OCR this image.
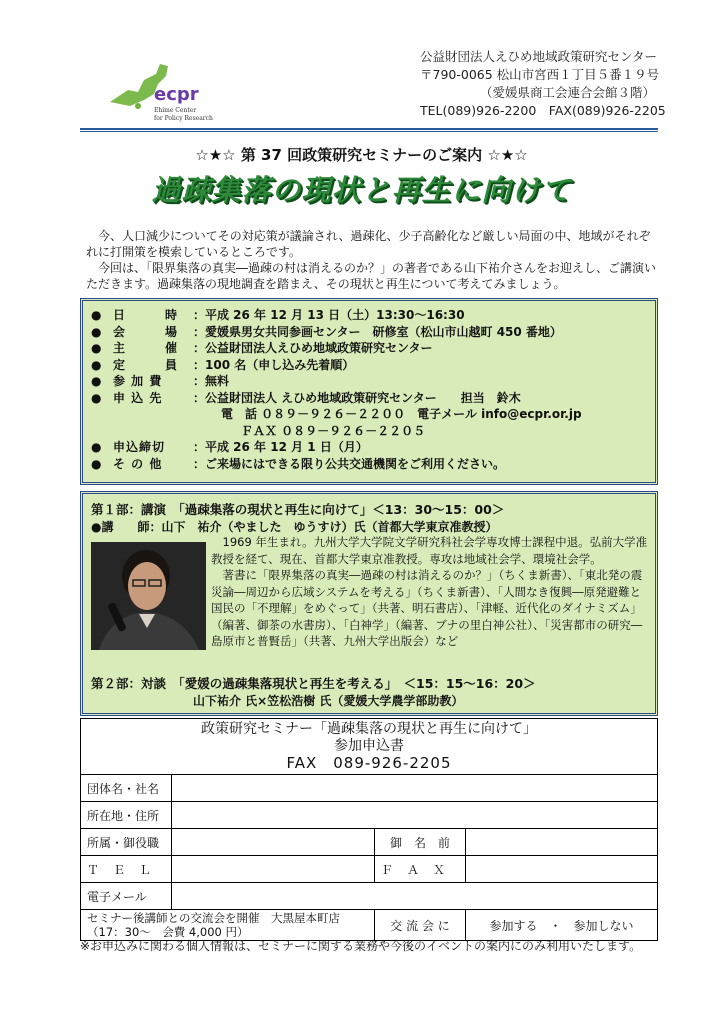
ecpr
Ehime Center
for Policy Research
公益財団法人えひめ地域政策研究センター
〒790-0065 松山市宮西１丁目５番１９号
（愛媛県商工会連合会館３階）
TEL(089)926-2200　FAX(089)926-2205
☆★☆ 第 37 回政策研究セミナーのご案内 ☆★☆
過疎集落の現状と再生に向けて

今、人口減少についてその対応策が議論され、過疎化、少子高齢化など厳しい局面の中、地域がそれぞれに打開策を模索しているところです。

今回は、「限界集落の真実―過疎の村は消えるのか？」の著者である山下祐介さんをお迎えし、ご講演いただきます。過疎集落の現地調査を踏まえ、その現状と再生について考えてみましょう。

● 日　　　時	：平成 26 年 12 月 13 日（土）13:30～16:30
● 会　　　場	：愛媛県男女共同参画センター　研修室（松山市山越町 450 番地）
● 主　　　催	：公益財団法人えひめ地域政策研究センター
● 定　　　員	：100 名（申し込み先着順）
● 参 加 費	：無料
● 申 込 先	：公益財団法人 えひめ地域政策研究センター　　担当　鈴木
電　話 ０８９－９２６－２２００　電子メール info@ecpr.or.jp
ＦＡＸ ０８９－９２６－２２０５
● 申込締切	：平成 26 年 12 月 1 日（月）
● そ の 他	：ご来場にはできる限り公共交通機関をご利用ください。
第１部：講演　「過疎集落の現状と再生に向けて」＜13：30～15：00＞
●講　　師：山下　祐介（やました　ゆうすけ）氏（首都大学東京准教授）

1969 年生まれ。九州大学大学院文学研究科社会学専攻博士課程中退。弘前大学准教授を経て、現在、首都大学東京准教授。専攻は地域社会学、環境社会学。

著書に「限界集落の真実―過疎の村は消えるのか？」（ちくま新書）、「東北発の震災論―周辺から広域システムを考える」（ちくま新書）、「人間なき復興―原発避難と国民の「不理解」をめぐって」（共著、明石書店）、「津軽、近代化のダイナミズム」（編著、御茶の水書房）、「白神学」（編著、ブナの里白神公社）、「災害都市の研究―島原市と普賢岳」（共著、九州大学出版会）など

第２部：対談　「愛媛の過疎集落現状と再生を考える」　＜15：15～16：20＞
山下祐介 氏×笠松浩樹 氏（愛媛大学農学部助教）
政策研究セミナー「過疎集落の現状と再生に向けて」
参加申込書
FAX　089-926-2205
団体名・社名			
所在地・住所			
所属・御役職		御　名　前	
ＴＥＬ		ＦＡＸ	
電子メール			

セミナー後講師との交流会を開催　大黒屋本町店
（17：30～　会費 4,000 円）		交 流 会 に	参加する　・　参加しない
※お申込みに関わる個人情報は、セミナーに関する業務や今後のイベントの案内にのみ利用いたします。
